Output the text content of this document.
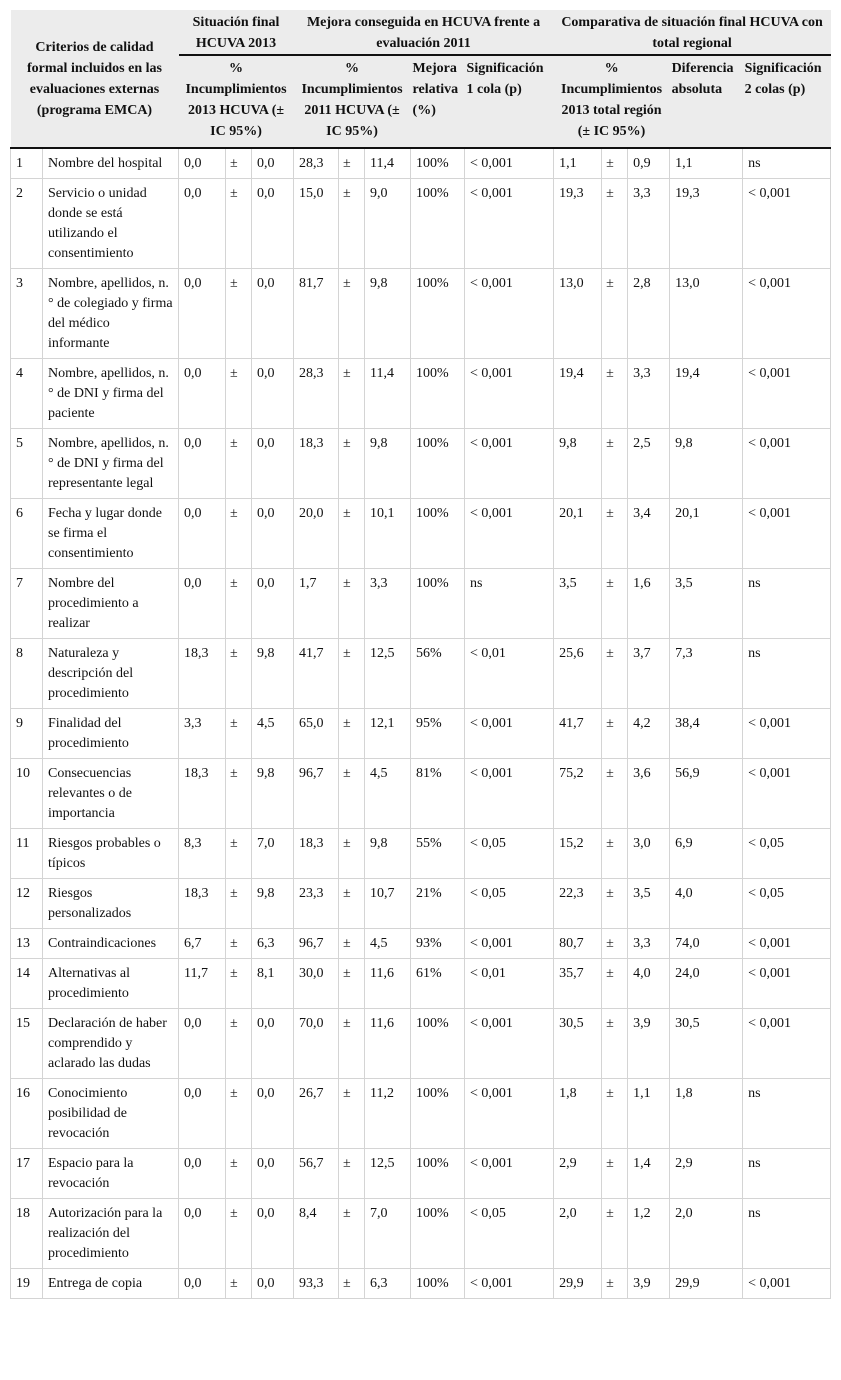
Criterios de calidad formal incluidos en las evaluaciones externas (programa EMCA)		Situación final HCUVA 2013			Mejora conseguida en HCUVA frente a evaluación 2011					Comparativa de situación final HCUVA con total regional				
		% Incumplimientos 2013 HCUVA (± IC 95%)			% Incumplimientos 2011 HCUVA (± IC 95%)			Mejora relativa (%)	Significación 1 cola (p)	% Incumplimientos 2013 total región (± IC 95%)			Diferencia absoluta	Significación 2 colas (p)
1	Nombre del hospital	0,0	±	0,0	28,3	±	11,4	100%	< 0,001	1,1	±	0,9	1,1	ns
2	Servicio o unidad donde se está utilizando el consentimiento	0,0	±	0,0	15,0	±	9,0	100%	< 0,001	19,3	±	3,3	19,3	< 0,001
3	Nombre, apellidos, n.° de colegiado y firma del médico informante	0,0	±	0,0	81,7	±	9,8	100%	< 0,001	13,0	±	2,8	13,0	< 0,001
4	Nombre, apellidos, n.° de DNI y firma del paciente	0,0	±	0,0	28,3	±	11,4	100%	< 0,001	19,4	±	3,3	19,4	< 0,001
5	Nombre, apellidos, n.° de DNI y firma del representante legal	0,0	±	0,0	18,3	±	9,8	100%	< 0,001	9,8	±	2,5	9,8	< 0,001
6	Fecha y lugar donde se firma el consentimiento	0,0	±	0,0	20,0	±	10,1	100%	< 0,001	20,1	±	3,4	20,1	< 0,001
7	Nombre del procedimiento a realizar	0,0	±	0,0	1,7	±	3,3	100%	ns	3,5	±	1,6	3,5	ns
8	Naturaleza y descripción del procedimiento	18,3	±	9,8	41,7	±	12,5	56%	< 0,01	25,6	±	3,7	7,3	ns
9	Finalidad del procedimiento	3,3	±	4,5	65,0	±	12,1	95%	< 0,001	41,7	±	4,2	38,4	< 0,001
10	Consecuencias relevantes o de importancia	18,3	±	9,8	96,7	±	4,5	81%	< 0,001	75,2	±	3,6	56,9	< 0,001
11	Riesgos probables o típicos	8,3	±	7,0	18,3	±	9,8	55%	< 0,05	15,2	±	3,0	6,9	< 0,05
12	Riesgos personalizados	18,3	±	9,8	23,3	±	10,7	21%	< 0,05	22,3	±	3,5	4,0	< 0,05
13	Contraindicaciones	6,7	±	6,3	96,7	±	4,5	93%	< 0,001	80,7	±	3,3	74,0	< 0,001
14	Alternativas al procedimiento	11,7	±	8,1	30,0	±	11,6	61%	< 0,01	35,7	±	4,0	24,0	< 0,001
15	Declaración de haber comprendido y aclarado las dudas	0,0	±	0,0	70,0	±	11,6	100%	< 0,001	30,5	±	3,9	30,5	< 0,001
16	Conocimiento posibilidad de revocación	0,0	±	0,0	26,7	±	11,2	100%	< 0,001	1,8	±	1,1	1,8	ns
17	Espacio para la revocación	0,0	±	0,0	56,7	±	12,5	100%	< 0,001	2,9	±	1,4	2,9	ns
18	Autorización para la realización del procedimiento	0,0	±	0,0	8,4	±	7,0	100%	< 0,05	2,0	±	1,2	2,0	ns
19	Entrega de copia	0,0	±	0,0	93,3	±	6,3	100%	< 0,001	29,9	±	3,9	29,9	< 0,001
